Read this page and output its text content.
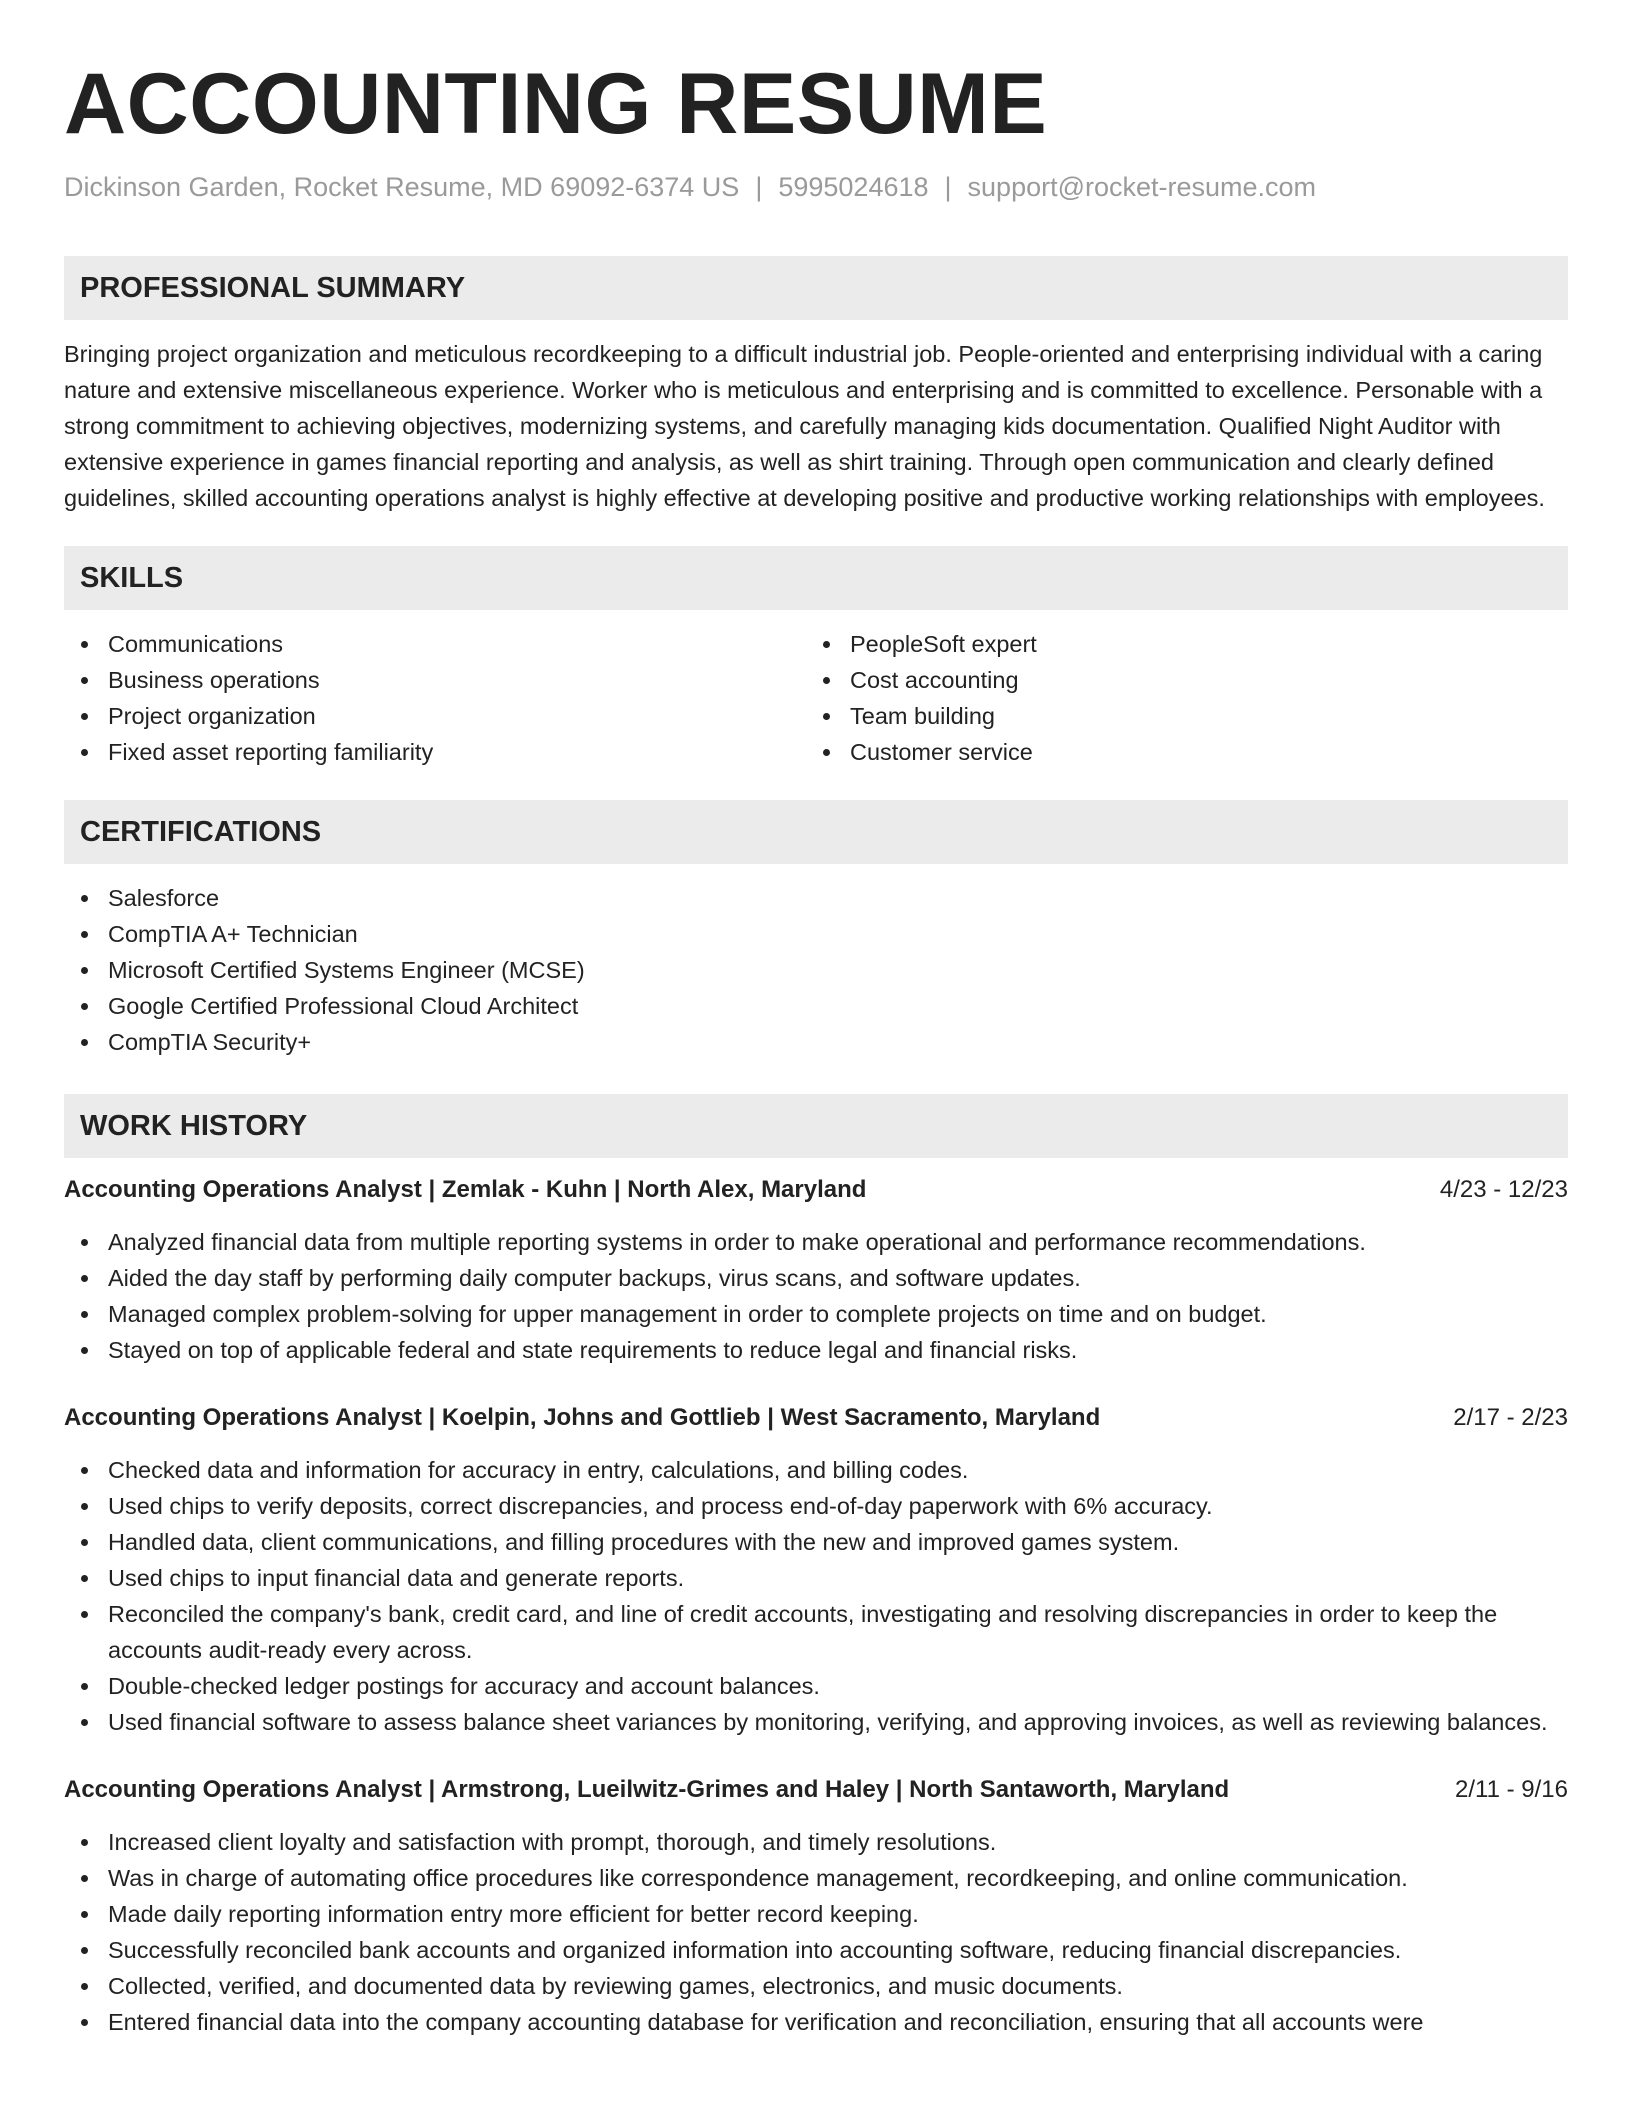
ACCOUNTING RESUME
Dickinson Garden, Rocket Resume, MD 69092-6374 US | 5995024618 | support@rocket-resume.com
PROFESSIONAL SUMMARY

Bringing project organization and meticulous recordkeeping to a difficult industrial job. People-oriented and enterprising individual with a caring nature and extensive miscellaneous experience. Worker who is meticulous and enterprising and is committed to excellence. Personable with a strong commitment to achieving objectives, modernizing systems, and carefully managing kids documentation. Qualified Night Auditor with extensive experience in games financial reporting and analysis, as well as shirt training. Through open communication and clearly defined guidelines, skilled accounting operations analyst is highly effective at developing positive and productive working relationships with employees.

SKILLS
Communications
Business operations
Project organization
Fixed asset reporting familiarity
PeopleSoft expert
Cost accounting
Team building
Customer service
CERTIFICATIONS
Salesforce
CompTIA A+ Technician
Microsoft Certified Systems Engineer (MCSE)
Google Certified Professional Cloud Architect
CompTIA Security+
WORK HISTORY
Accounting Operations Analyst | Zemlak - Kuhn | North Alex, Maryland	4/23 - 12/23
Analyzed financial data from multiple reporting systems in order to make operational and performance recommendations.
Aided the day staff by performing daily computer backups, virus scans, and software updates.
Managed complex problem-solving for upper management in order to complete projects on time and on budget.
Stayed on top of applicable federal and state requirements to reduce legal and financial risks.
Accounting Operations Analyst | Koelpin, Johns and Gottlieb | West Sacramento, Maryland	2/17 - 2/23
Checked data and information for accuracy in entry, calculations, and billing codes.
Used chips to verify deposits, correct discrepancies, and process end-of-day paperwork with 6% accuracy.
Handled data, client communications, and filling procedures with the new and improved games system.
Used chips to input financial data and generate reports.
Reconciled the company's bank, credit card, and line of credit accounts, investigating and resolving discrepancies in order to keep the accounts audit-ready every across.
Double-checked ledger postings for accuracy and account balances.
Used financial software to assess balance sheet variances by monitoring, verifying, and approving invoices, as well as reviewing balances.
Accounting Operations Analyst | Armstrong, Lueilwitz-Grimes and Haley | North Santaworth, Maryland	2/11 - 9/16
Increased client loyalty and satisfaction with prompt, thorough, and timely resolutions.
Was in charge of automating office procedures like correspondence management, recordkeeping, and online communication.
Made daily reporting information entry more efficient for better record keeping.
Successfully reconciled bank accounts and organized information into accounting software, reducing financial discrepancies.
Collected, verified, and documented data by reviewing games, electronics, and music documents.
Entered financial data into the company accounting database for verification and reconciliation, ensuring that all accounts were
